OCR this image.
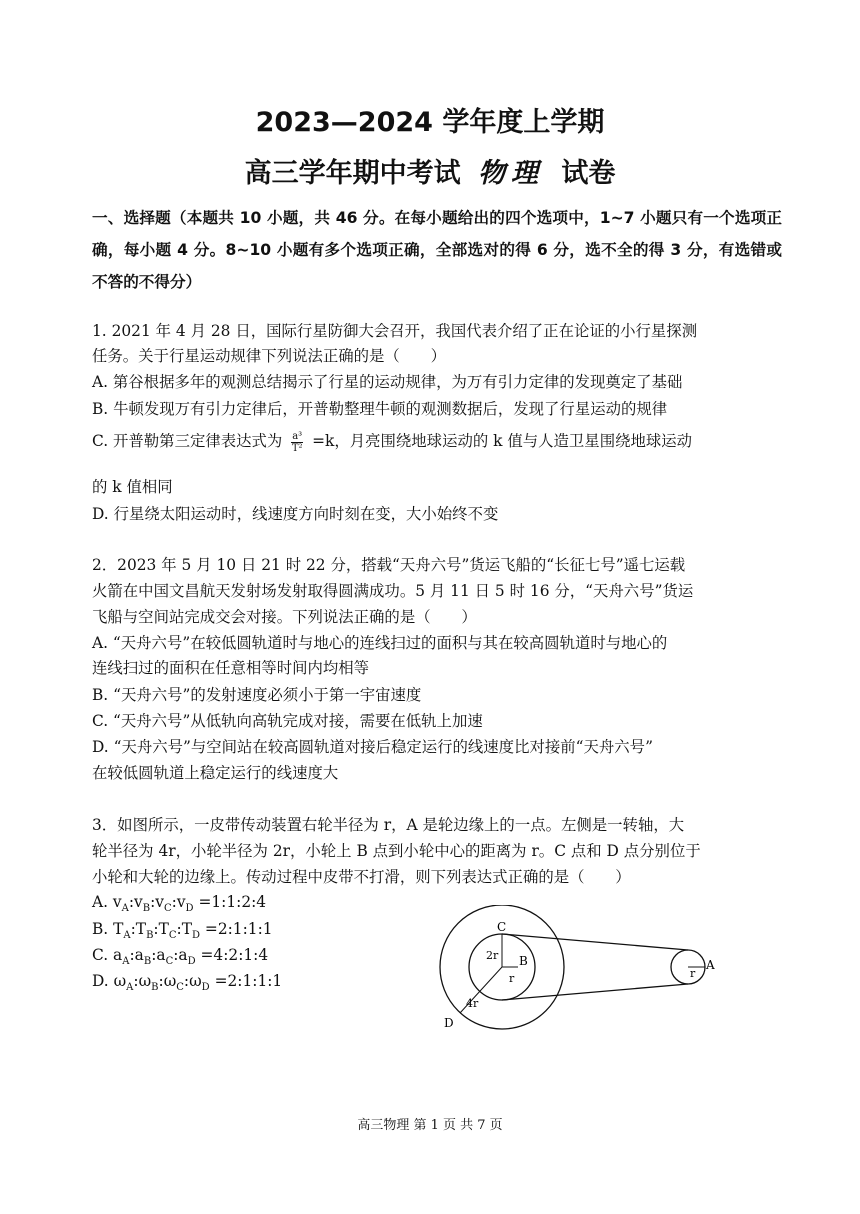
2023—2024 学年度上学期
高三学年期中考试 物理 试卷
一、选择题（本题共 10 小题，共 46 分。在每小题给出的四个选项中，1~7 小题只有一个选项正确，每小题 4 分。8~10 小题有多个选项正确，全部选对的得 6 分，选不全的得 3 分，有选错或不答的不得分）
1. 2021 年 4 月 28 日，国际行星防御大会召开，我国代表介绍了正在论证的小行星探测
任务。关于行星运动规律下列说法正确的是（　　）
A. 第谷根据多年的观测总结揭示了行星的运动规律，为万有引力定律的发现奠定了基础
B. 牛顿发现万有引力定律后，开普勒整理牛顿的观测数据后，发现了行星运动的规律
C. 开普勒第三定律表达式为 $\frac{\text{a³}}{\text{T²}} =k$，月亮围绕地球运动的 k 值与人造卫星围绕地球运动
的 k 值相同
D. 行星绕太阳运动时，线速度方向时刻在变，大小始终不变
2．2023 年 5 月 10 日 21 时 22 分，搭载“天舟六号”货运飞船的“长征七号”遥七运载
火箭在中国文昌航天发射场发射取得圆满成功。5 月 11 日 5 时 16 分，“天舟六号”货运
飞船与空间站完成交会对接。下列说法正确的是（　　）
A. “天舟六号”在较低圆轨道时与地心的连线扫过的面积与其在较高圆轨道时与地心的
连线扫过的面积在任意相等时间内均相等
B. “天舟六号”的发射速度必须小于第一宇宙速度
C. “天舟六号”从低轨向高轨完成对接，需要在低轨上加速
D. “天舟六号”与空间站在较高圆轨道对接后稳定运行的线速度比对接前“天舟六号”
在较低圆轨道上稳定运行的线速度大
3．如图所示，一皮带传动装置右轮半径为 r，A 是轮边缘上的一点。左侧是一转轴，大
轮半径为 4r，小轮半径为 2r，小轮上 B 点到小轮中心的距离为 r。C 点和 D 点分别位于
小轮和大轮的边缘上。传动过程中皮带不打滑，则下列表达式正确的是（　　）
A. $v_A:v_B:v_C:v_D$ =1:1:2:4
B. $T_A:T_B:T_C:T_D$ =2:1:1:1
C. $a_A:a_B:a_C:a_D$ =4:2:1:4
D. $\omega_A:\omega_B:\omega_C:\omega_D$ =2:1:1:1
C
B	A
D
2r
r	r
4r
高三物理 第 1 页 共 7 页
